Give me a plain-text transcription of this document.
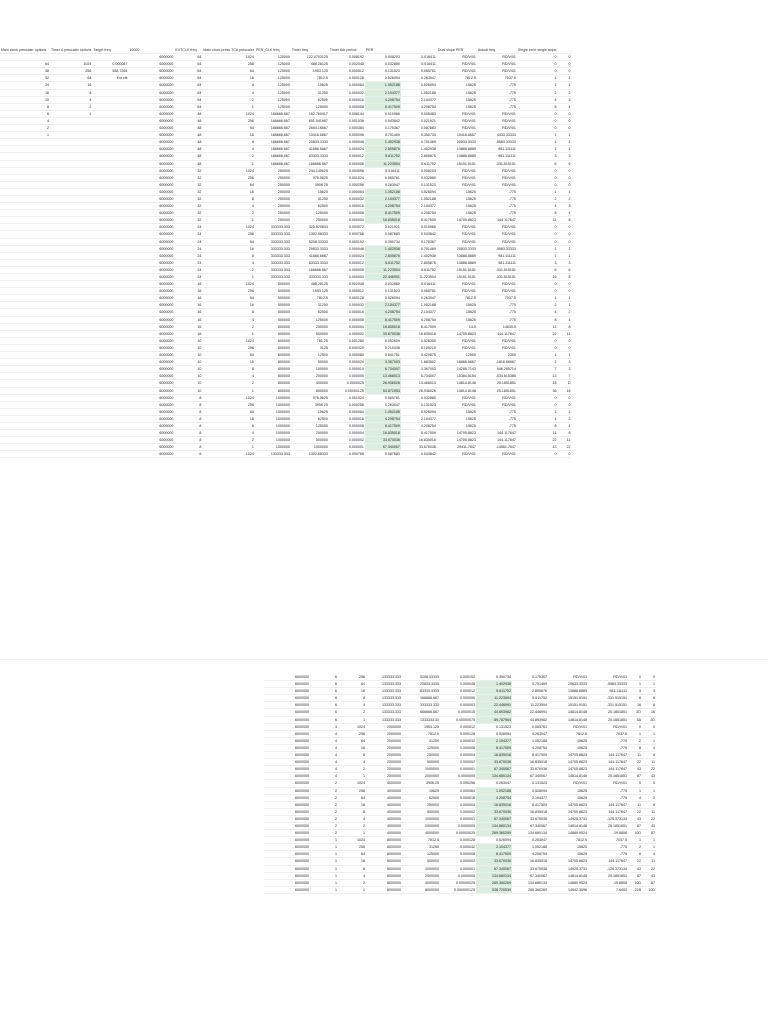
Main clock prescaler options	Timer A prescaler options	Target freq	16000	EXTCLK freq	Main clock presc TCA prescaler	PER_CLK freq	Timer freq	Timer tick period	PER		Dual slope PER	Actual freq	Single error single slope	
			6000000	64	1024	125000	122.0703125	0.008192	0.008203	0.016411	RD/V/01	RD/V/01	0	0
64	1024	0.000087	6000000	64	256	125000	488.28125	0.002048	0.032880	0.016411	RD/V/01	RD/V/01	0	0
48	256	558.7265	6000000	64	64	125000	1953.125	0.000512	0.131523	0.065761	RD/V/01	RD/V/01	0	0
32	64	Ext clk	6000000	64	16	125000	7812.5	0.000128	0.526094	0.263047	7812.5	7037.5	1	1
24	16		6000000	64	8	125000	15625	0.000064	1.052188	0.526094	15625	-775	1	1
16	8		6000000	64	4	125000	31250	0.000032	2.104377	1.052188	15625	-775	2	2
10	4		6000000	64	2	125000	62500	0.000016	4.208754	2.104377	15625	-775	4	3
8	2		6000000	64	1	125000	125000	0.000008	8.417509	4.208754	15625	-775	8	4
6	1		6000000	48	1024	166666.667	162.760417	0.006144	0.010966	0.005483	RD/V/01	RD/V/01	0	0
4			6000000	48	256	166666.667	651.041667	0.001536	0.043842	0.021921	RD/V/01	RD/V/01	0	0
2			6000000	48	64	166666.667	2604.16667	0.000384	0.175367	0.087683	RD/V/01	RD/V/01	0	0
1			6000000	48	16	166666.667	10416.6667	0.000096	0.701469	0.350734	10416.6667	4433.33333	1	1
			6000000	48	8	166666.667	20833.3333	0.000048	1.402938	0.701469	20833.3333	-5583.33333	1	1
			6000000	48	4	166666.667	41666.6667	0.000024	2.805876	1.402938	13888.8889	981.111111	1	1
			6000000	48	2	166666.667	83333.3333	0.000012	5.611752	2.805876	13888.8889	981.111111	3	3
			6000000	48	1	166666.667	166666.667	0.000006	11.223504	5.611752	15151.5151	-331.515151	6	6
			6000000	32	1024	250000	244.140625	0.004096	0.016411	0.008203	RD/V/01	RD/V/01	0	0
			6000000	32	256	250000	976.5625	0.001024	0.065761	0.032880	RD/V/01	RD/V/01	0	0
			6000000	32	64	250000	3906.25	0.000256	0.263047	0.131523	RD/V/01	RD/V/01	0	0
			6000000	32	16	250000	15625	0.000064	1.052188	0.526094	15625	-775	1	1
			6000000	32	8	250000	31250	0.000032	2.104377	1.052188	15625	-775	2	2
			6000000	32	4	250000	62500	0.000016	4.208754	2.104377	15625	-775	4	3
			6000000	32	2	250000	125000	0.000008	8.417509	4.208754	15625	-775	8	4
			6000000	32	1	250000	250000	0.000004	16.835018	8.417509	14705.8823	144.117647	11	8
			6000000	24	1024	333333.333	325.520833	0.003072	0.021921	0.010966	RD/V/01	RD/V/01	0	0
			6000000	24	256	333333.333	1302.08333	0.000768	0.087683	0.043842	RD/V/01	RD/V/01	0	0
			6000000	24	64	333333.333	5208.33333	0.000192	0.350734	0.175367	RD/V/01	RD/V/01	0	0
			6000000	24	16	333333.333	20833.3333	0.000048	1.402938	0.701469	20833.3333	-5583.33333	1	1
			6000000	24	8	333333.333	41666.6667	0.000024	2.805876	1.402938	13888.8889	981.111111	1	1
			6000000	24	4	333333.333	83333.3333	0.000012	5.611752	2.805876	13888.8889	981.111111	3	3
			6000000	24	2	333333.333	166666.667	0.000006	11.223504	5.611752	15151.5151	-331.515151	6	6
			6000000	24	1	333333.333	333333.333	0.000003	22.446991	11.223504	15151.5151	-331.515151	16	8
			6000000	16	1024	500000	488.28125	0.002048	0.032880	0.016411	RD/V/01	RD/V/01	0	0
			6000000	16	256	500000	1953.125	0.000512	0.131523	0.065761	RD/V/01	RD/V/01	0	0
			6000000	16	64	500000	7812.5	0.000128	0.526094	0.263047	7812.5	7037.5	1	1
			6000000	16	16	500000	31250	0.000032	2.104377	1.052188	15625	-775	2	1
			6000000	16	8	500000	62500	0.000016	4.208754	2.104377	15625	-775	4	2
			6000000	16	4	500000	125000	0.000008	8.417509	4.208754	15625	-775	8	4
			6000000	16	2	500000	250000	0.000004	16.835018	8.417509	14.5	14635.5	11	8
			6000000	16	1	500000	500000	0.000002	33.670036	16.835018	14705.8823	144.117647	22	11
			6000000	10	1024	800000	781.25	0.001280	0.052609	0.026305	RD/V/01	RD/V/01	0	0
			6000000	10	256	800000	3125	0.000320	0.210438	0.105219	RD/V/01	RD/V/01	0	0
			6000000	10	64	800000	12500	0.000080	0.841751	0.420875	12500	2300	1	1
			6000000	10	16	800000	50000	0.000020	3.367003	1.683502	16666.6667	-1816.66667	2	3
			6000000	10	8	800000	100000	0.000010	6.734007	3.367003	14285.7143	546.285714	7	3
			6000000	10	4	800000	200000	0.000005	13.468013	6.734007	15384.6154	-534.615385	13	7
			6000000	10	2	800000	400000	0.0000025	26.936026	13.468013	14814.8148	25.1851851	18	D
			6000000	10	1	800000	800000	0.00000125	53.872053	26.936026	14814.8148	25.1851851	36	18
			6000000	8	1024	1000000	976.5625	0.001024	0.065761	0.032880	RD/V/01	RD/V/01	0	0
			6000000	8	256	1000000	3906.25	0.000256	0.263047	0.131523	RD/V/01	RD/V/01	0	0
			6000000	8	64	1000000	15625	0.000064	1.052188	0.526094	15625	-775	1	1
			6000000	8	16	1000000	62500	0.000016	4.208754	2.104377	15625	-775	4	2
			6000000	8	8	1000000	125000	0.000008	8.417509	4.208754	15625	-775	8	4
			6000000	8	4	1000000	250000	0.000004	16.835018	8.417509	14705.8823	144.117647	11	8
			6000000	8	2	1000000	500000	0.000002	33.670036	16.835018	14705.8823	144.117647	22	11
			6000000	8	1	1000000	1000000	0.000001	67.340067	33.670036	29411.7647	-14561.7647	43	22
			6000000	6	1024	133333.333	1302.08333	0.000768	0.087683	0.043842	RD/V/01	RD/V/01	0	0
6000000	6	256	133333.333	5208.33333	0.000192	0.350734	0.175367	RD/V/01	RD/V/01	0	0
6000000	6	64	133333.333	20833.3333	0.000048	1.402938	0.701469	20833.3333	-5583.33333	1	1
6000000	6	16	133333.333	83333.3333	0.000012	5.611752	2.805876	13888.8889	981.111111	3	3
6000000	6	8	133333.333	166666.667	0.000006	11.223504	5.611752	15151.5151	-331.515151	6	6
6000000	6	4	133333.333	333333.333	0.000003	22.446991	11.223504	15151.5151	-331.515151	16	8
6000000	6	2	133333.333	666666.667	0.0000015	44.893982	22.446991	14814.8148	25.1851851	2D	16
6000000	6	1	133333.333	1333333.33	0.00000075	89.787964	44.893982	14814.8148	25.1851851	5A	2D
6000000	4	1024	2000000	1953.125	0.000512	0.131523	0.065761	RD/V/01	RD/V/01	0	0
6000000	4	256	2000000	7812.5	0.000128	0.526094	0.263047	7812.5	7037.5	1	1
6000000	4	64	2000000	31250	0.000032	2.104377	1.052188	15625	-775	2	1
6000000	4	16	2000000	125000	0.000008	8.417509	4.208754	15625	-775	8	4
6000000	4	8	2000000	250000	0.000004	16.835018	8.417509	14705.8823	144.117647	11	8
6000000	4	4	2000000	500000	0.000002	33.670036	16.835018	14705.8823	144.117647	22	11
6000000	4	2	2000000	1000000	0.000001	67.340067	33.670036	14705.8823	144.117647	43	22
6000000	4	1	2000000	2000000	0.0000005	134.680134	67.340067	14814.8148	25.1851851	87	43
6000000	2	1024	4000000	3906.25	0.000256	0.263047	0.131523	RD/V/01	RD/V/01	0	0
6000000	2	256	4000000	15625	0.000064	1.052188	0.526094	15625	-775	1	1
6000000	2	64	4000000	62500	0.000016	4.208754	2.104377	15625	-775	4	2
6000000	2	16	4000000	250000	0.000004	16.835018	8.417509	14705.8823	144.117647	11	8
6000000	2	8	4000000	500000	0.000002	33.670036	16.835018	14705.8823	144.117647	22	11
6000000	2	4	4000000	1000000	0.000001	67.340067	33.670036	14925.3731	-125.373134	43	22
6000000	2	2	4000000	2000000	0.0000005	134.680134	67.340067	14814.8148	25.1851851	87	43
6000000	2	1	4000000	4000000	0.00000025	269.360269	134.680134	14880.9524	-19.8808	10D	87
6000000	1	1024	8000000	7812.5	0.000128	0.526094	0.263047	7812.5	7037.5	1	1
6000000	1	256	8000000	31250	0.000032	2.104377	1.052188	15625	-775	2	1
6000000	1	64	8000000	125000	0.000008	8.417509	4.208754	15625	-775	8	4
6000000	1	16	8000000	500000	0.000002	33.670036	16.835018	14705.8823	144.117647	22	11
6000000	1	8	8000000	1000000	0.000001	67.340067	33.670036	14925.3731	-125.373134	43	22
6000000	1	4	8000000	2000000	0.0000005	134.680134	67.340067	14814.8148	25.1851851	87	43
6000000	1	2	8000000	4000000	0.00000025	269.360269	134.680134	14880.9524	-19.8808	10D	87
6000000	1	1	8000000	8000000	0.000000125	538.720539	269.360269	14942.3596	7.6402	21B	10D
